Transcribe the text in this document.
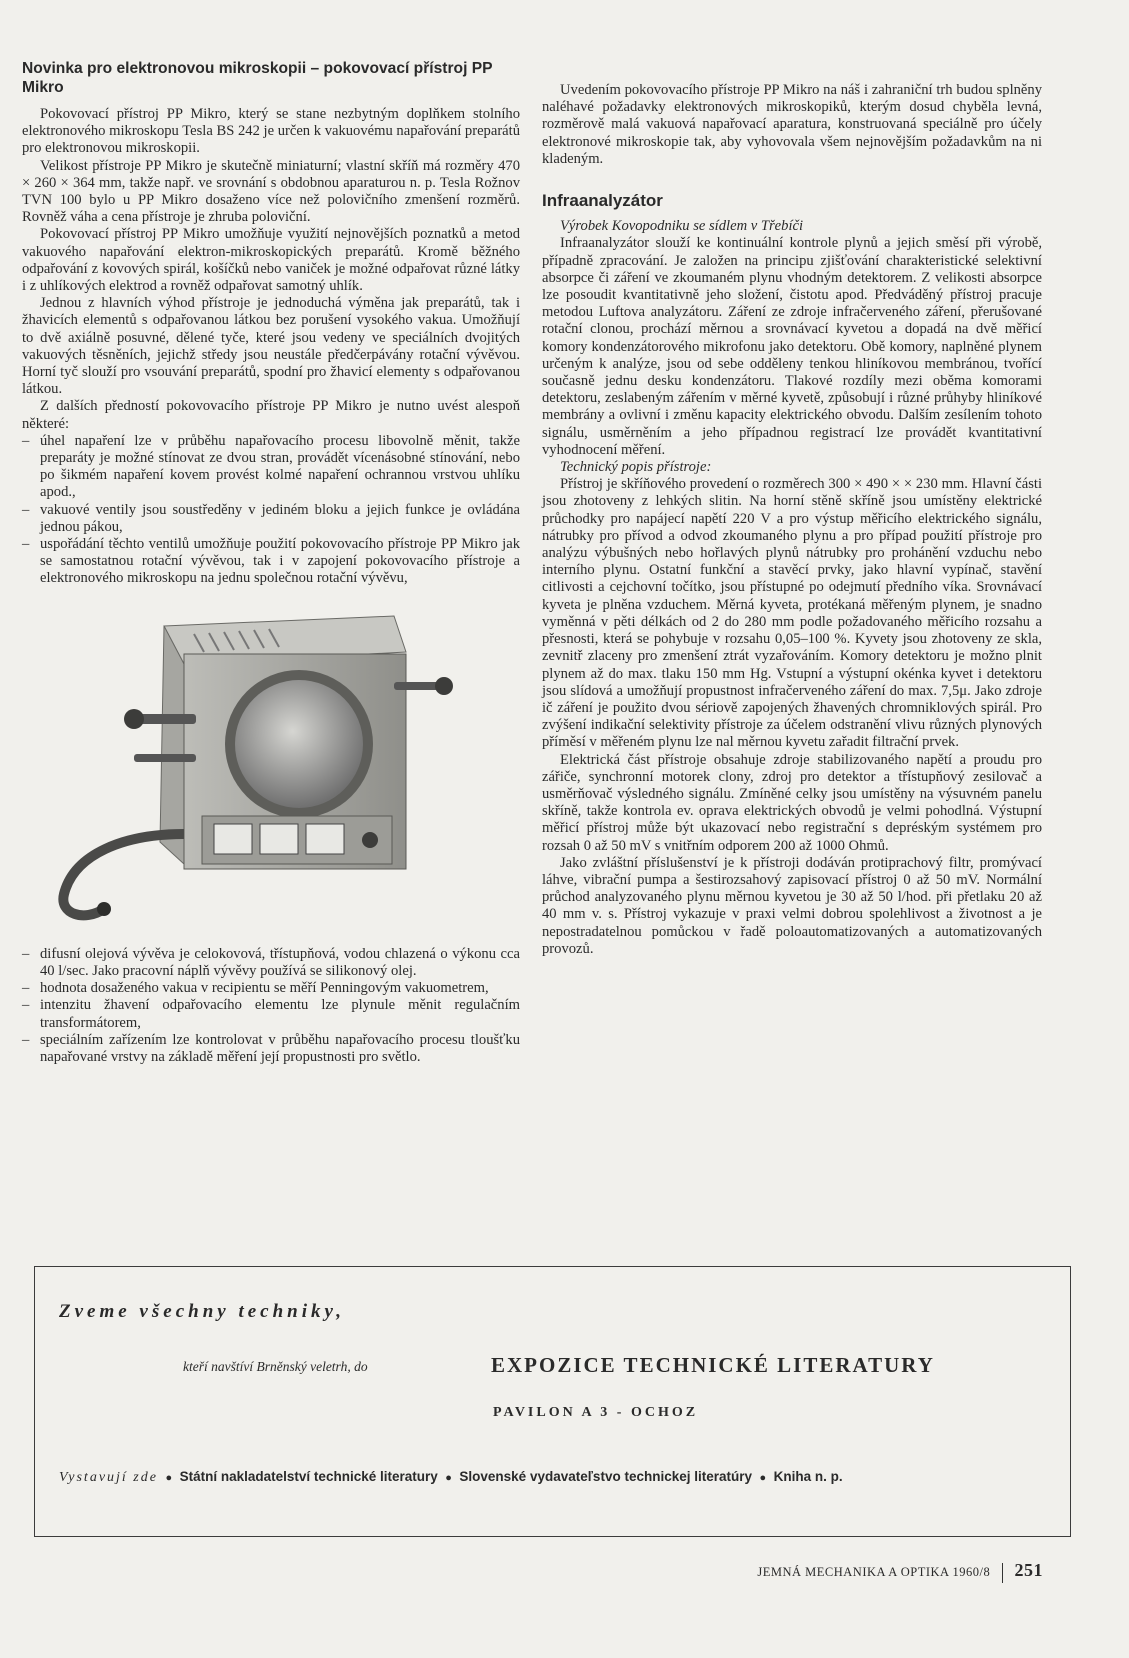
Novinka pro elektronovou mikroskopii – pokovovací přístroj PP Mikro

Pokovovací přístroj PP Mikro, který se stane nezbytným doplňkem stolního elektronového mikroskopu Tesla BS 242 je určen k vakuovému napařování preparátů pro elektronovou mikroskopii.

Velikost přístroje PP Mikro je skutečně miniaturní; vlastní skříň má rozměry 470 × 260 × 364 mm, takže např. ve srovnání s obdobnou aparaturou n. p. Tesla Rožnov TVN 100 bylo u PP Mikro dosaženo více než polovičního zmenšení rozměrů. Rovněž váha a cena přístroje je zhruba poloviční.

Pokovovací přístroj PP Mikro umožňuje využití nejnovějších poznatků a metod vakuového napařování elektron-mikroskopických preparátů. Kromě běžného odpařování z kovových spirál, košíčků nebo vaniček je možné odpařovat různé látky i z uhlíkových elektrod a rovněž odpařovat samotný uhlík.

Jednou z hlavních výhod přístroje je jednoduchá výměna jak preparátů, tak i žhavicích elementů s odpařovanou látkou bez porušení vysokého vakua. Umožňují to dvě axiálně posuvné, dělené tyče, které jsou vedeny ve speciálních dvojitých vakuových těsněních, jejichž středy jsou neustále předčerpávány rotační vývěvou. Horní tyč slouží pro vsouvání preparátů, spodní pro žhavicí elementy s odpařovanou látkou.

Z dalších předností pokovovacího přístroje PP Mikro je nutno uvést alespoň některé:

– úhel napaření lze v průběhu napařovacího procesu libovolně měnit, takže preparáty je možné stínovat ze dvou stran, provádět vícenásobné stínování, nebo po šikmém napaření kovem provést kolmé napaření ochrannou vrstvou uhlíku apod.,
– vakuové ventily jsou soustředěny v jediném bloku a jejich funkce je ovládána jednou pákou,
– uspořádání těchto ventilů umožňuje použití pokovovacího přístroje PP Mikro jak se samostatnou rotační vývěvou, tak i v zapojení pokovovacího přístroje a elektronového mikroskopu na jednu společnou rotační vývěvu,
– difusní olejová vývěva je celokovová, třístupňová, vodou chlazená o výkonu cca 40 l/sec. Jako pracovní náplň vývěvy používá se silikonový olej.
– hodnota dosaženého vakua v recipientu se měří Penningovým vakuometrem,
– intenzitu žhavení odpařovacího elementu lze plynule měnit regulačním transformátorem,
– speciálním zařízením lze kontrolovat v průběhu napařovacího procesu tloušťku napařované vrstvy na základě měření její propustnosti pro světlo.

Uvedením pokovovacího přístroje PP Mikro na náš i zahraniční trh budou splněny naléhavé požadavky elektronových mikroskopiků, kterým dosud chyběla levná, rozměrově malá vakuová napařovací aparatura, konstruovaná speciálně pro účely elektronové mikroskopie tak, aby vyhovovala všem nejnovějším požadavkům na ni kladeným.

Infraanalyzátor

Výrobek Kovopodniku se sídlem v Třebíči

Infraanalyzátor slouží ke kontinuální kontrole plynů a jejich směsí při výrobě, případně zpracování. Je založen na principu zjišťování charakteristické selektivní absorpce či záření ve zkoumaném plynu vhodným detektorem. Z velikosti absorpce lze posoudit kvantitativně jeho složení, čistotu apod. Předváděný přístroj pracuje metodou Luftova analyzátoru. Záření ze zdroje infračerveného záření, přerušované rotační clonou, prochází měrnou a srovnávací kyvetou a dopadá na dvě měřicí komory kondenzátorového mikrofonu jako detektoru. Obě komory, naplněné plynem určeným k analýze, jsou od sebe odděleny tenkou hliníkovou membránou, tvořící současně jednu desku kondenzátoru. Tlakové rozdíly mezi oběma komorami detektoru, zeslabeným zářením v měrné kyvetě, způsobují i různé průhyby hliníkové membrány a ovlivní i změnu kapacity elektrického obvodu. Dalším zesílením tohoto signálu, usměrněním a jeho případnou registrací lze provádět kvantitativní vyhodnocení měření.

Technický popis přístroje:

Přístroj je skříňového provedení o rozměrech 300 × 490 × × 230 mm. Hlavní části jsou zhotoveny z lehkých slitin. Na horní stěně skříně jsou umístěny elektrické průchodky pro napájecí napětí 220 V a pro výstup měřicího elektrického signálu, nátrubky pro přívod a odvod zkoumaného plynu a pro případ použití přístroje pro analýzu výbušných nebo hořlavých plynů nátrubky pro prohánění vzduchu nebo interního plynu. Ostatní funkční a stavěcí prvky, jako hlavní vypínač, stavění citlivosti a cejchovní točítko, jsou přístupné po odejmutí předního víka. Srovnávací kyveta je plněna vzduchem. Měrná kyveta, protékaná měřeným plynem, je snadno vyměnná v pěti délkách od 2 do 280 mm podle požadovaného měřicího rozsahu a přesnosti, která se pohybuje v rozsahu 0,05–100 %. Kyvety jsou zhotoveny ze skla, zevnitř zlaceny pro zmenšení ztrát vyzařováním. Komory detektoru je možno plnit plynem až do max. tlaku 150 mm Hg. Vstupní a výstupní okénka kyvet i detektoru jsou slídová a umožňují propustnost infračerveného záření do max. 7,5μ. Jako zdroje ič záření je použito dvou sériově zapojených žhavených chromniklových spirál. Pro zvýšení indikační selektivity přístroje za účelem odstranění vlivu různých plynových příměsí v měřeném plynu lze nal měrnou kyvetu zařadit filtrační prvek.

Elektrická část přístroje obsahuje zdroje stabilizovaného napětí a proudu pro zářiče, synchronní motorek clony, zdroj pro detektor a třístupňový zesilovač a usměrňovač výsledného signálu. Zmíněné celky jsou umístěny na výsuvném panelu skříně, takže kontrola ev. oprava elektrických obvodů je velmi pohodlná. Výstupní měřicí přístroj může být ukazovací nebo registrační s depréským systémem pro rozsah 0 až 50 mV s vnitřním odporem 200 až 1000 Ohmů.

Jako zvláštní příslušenství je k přístroji dodáván protiprachový filtr, promývací láhve, vibrační pumpa a šestirozsahový zapisovací přístroj 0 až 50 mV. Normální průchod analyzovaného plynu měrnou kyvetou je 30 až 50 l/hod. při přetlaku 20 až 40 mm v. s. Přístroj vykazuje v praxi velmi dobrou spolehlivost a životnost a je nepostradatelnou pomůckou v řadě poloautomatizovaných a automatizovaných provozů.

Zveme všechny techniky,
kteří navštíví Brněnský veletrh, do	EXPOZICE TECHNICKÉ LITERATURY
PAVILON A 3 - OCHOZ
Vystavují zde ● Státní nakladatelství technické literatury ● Slovenské vydavateľstvo technickej literatúry ● Kniha n. p.
JEMNÁ MECHANIKA A OPTIKA 1960/8 251
